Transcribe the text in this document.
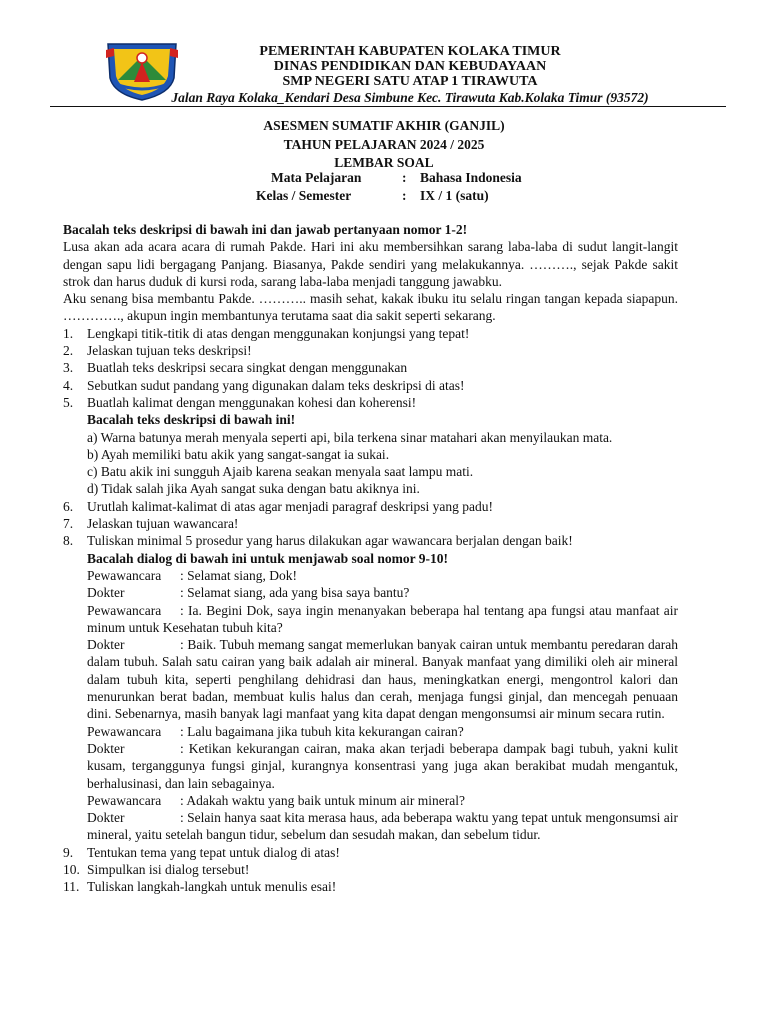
PEMERINTAH KABUPATEN KOLAKA TIMUR
DINAS PENDIDIKAN DAN KEBUDAYAAN
SMP NEGERI SATU ATAP 1 TIRAWUTA
Jalan Raya Kolaka_Kendari Desa Simbune Kec. Tirawuta Kab.Kolaka Timur (93572)
ASESMEN SUMATIF AKHIR (GANJIL)
TAHUN PELAJARAN 2024 / 2025
LEMBAR SOAL
Mata Pelajaran	: Bahasa Indonesia
Kelas / Semester	: IX / 1 (satu)

Bacalah teks deskripsi di bawah ini dan jawab pertanyaan nomor 1-2!

Lusa akan ada acara acara di rumah Pakde. Hari ini aku membersihkan sarang laba-laba di sudut langit-langit dengan sapu lidi bergagang Panjang. Biasanya, Pakde sendiri yang melakukannya. ………., sejak Pakde sakit strok dan harus duduk di kursi roda, sarang laba-laba menjadi tanggung jawabku.

Aku senang bisa membantu Pakde. ……….. masih sehat, kakak ibuku itu selalu ringan tangan kepada siapapun. …………., akupun ingin membantunya terutama saat dia sakit seperti sekarang.

1.	Lengkapi titik-titik di atas dengan menggunakan konjungsi yang tepat!
2.	Jelaskan tujuan teks deskripsi!
3.	Buatlah teks deskripsi secara singkat dengan menggunakan
4.	Sebutkan sudut pandang yang digunakan dalam teks deskripsi di atas!
5.	Buatlah kalimat dengan menggunakan kohesi dan koherensi!

Bacalah teks deskripsi di bawah ini!

a) Warna batunya merah menyala seperti api, bila terkena sinar matahari akan menyilaukan mata.
b) Ayah memiliki batu akik yang sangat-sangat ia sukai.
c) Batu akik ini sungguh Ajaib karena seakan menyala saat lampu mati.
d) Tidak salah jika Ayah sangat suka dengan batu akiknya ini.
6.	Urutlah kalimat-kalimat di atas agar menjadi paragraf deskripsi yang padu!
7.	Jelaskan tujuan wawancara!
8.	Tuliskan minimal 5 prosedur yang harus dilakukan agar wawancara berjalan dengan baik!

Bacalah dialog di bawah ini untuk menjawab soal nomor 9-10!

Pewawancara : Selamat siang, Dok!
Dokter	: Selamat siang, ada yang bisa saya bantu?
Pewawancara : Ia. Begini Dok, saya ingin menanyakan beberapa hal tentang apa fungsi atau manfaat air minum untuk Kesehatan tubuh kita?
Dokter	: Baik. Tubuh memang sangat memerlukan banyak cairan untuk membantu peredaran darah dalam tubuh. Salah satu cairan yang baik adalah air mineral. Banyak manfaat yang dimiliki oleh air mineral dalam tubuh kita, seperti penghilang dehidrasi dan haus, meningkatkan energi, mengontrol kalori dan menurunkan berat badan, membuat kulis halus dan cerah, menjaga fungsi ginjal, dan mencegah penuaan dini. Sebenarnya, masih banyak lagi manfaat yang kita dapat dengan mengonsumsi air minum secara rutin.
Pewawancara : Lalu bagaimana jika tubuh kita kekurangan cairan?
Dokter	: Ketikan kekurangan cairan, maka akan terjadi beberapa dampak bagi tubuh, yakni kulit kusam, terganggunya fungsi ginjal, kurangnya konsentrasi yang juga akan berakibat mudah mengantuk, berhalusinasi, dan lain sebagainya.
Pewawancara : Adakah waktu yang baik untuk minum air mineral?
Dokter	: Selain hanya saat kita merasa haus, ada beberapa waktu yang tepat untuk mengonsumsi air mineral, yaitu setelah bangun tidur, sebelum dan sesudah makan, dan sebelum tidur.
9.	Tentukan tema yang tepat untuk dialog di atas!
10. Simpulkan isi dialog tersebut!
11. Tuliskan langkah-langkah untuk menulis esai!
